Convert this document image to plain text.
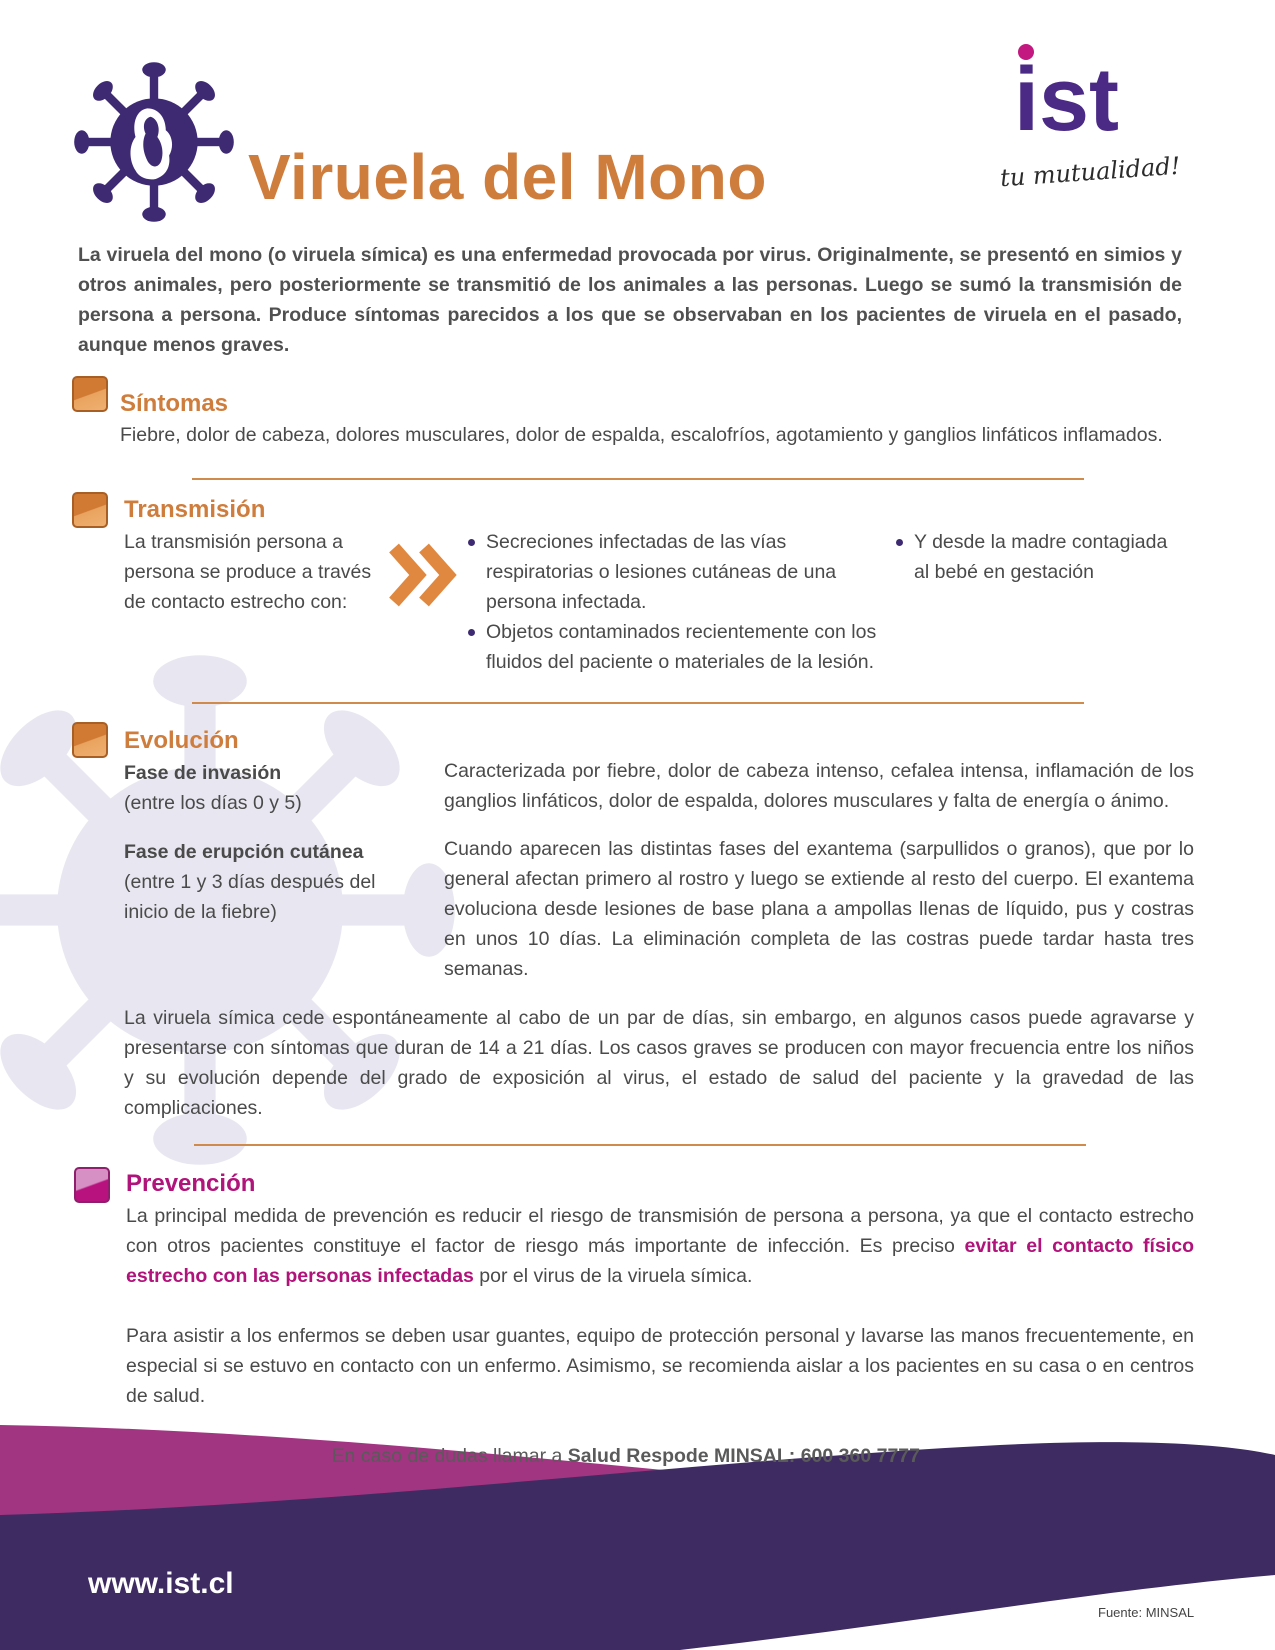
Viruela del Mono
ist
tu mutualidad!
La viruela del mono (o viruela símica) es una enfermedad provocada por virus. Originalmente, se presentó en simios y otros animales, pero posteriormente se transmitió de los animales a las personas. Luego se sumó la transmisión de persona a persona. Produce síntomas parecidos a los que se observaban en los pacientes de viruela en el pasado, aunque menos graves.
Síntomas
Fiebre, dolor de cabeza, dolores musculares, dolor de espalda, escalofríos, agotamiento y ganglios linfáticos inflamados.
Transmisión
La transmisión persona a persona se produce a través de contacto estrecho con:
Secreciones infectadas de las vías respiratorias o lesiones cutáneas de una persona infectada.
Objetos contaminados recientemente con los fluidos del paciente o materiales de la lesión.
Y desde la madre contagiada al bebé en gestación
Evolución
Fase de invasión
(entre los días 0 y 5)
Caracterizada por fiebre, dolor de cabeza intenso, cefalea intensa, inflamación de los ganglios linfáticos, dolor de espalda, dolores musculares y falta de energía o ánimo.
Fase de erupción cutánea
(entre 1 y 3 días después del inicio de la fiebre)
Cuando aparecen las distintas fases del exantema (sarpullidos o granos), que por lo general afectan primero al rostro y luego se extiende al resto del cuerpo. El exantema evoluciona desde lesiones de base plana a ampollas llenas de líquido, pus y costras en unos 10 días. La eliminación completa de las costras puede tardar hasta tres semanas.
La viruela símica cede espontáneamente al cabo de un par de días, sin embargo, en algunos casos puede agravarse y presentarse con síntomas que duran de 14 a 21 días. Los casos graves se producen con mayor frecuencia entre los niños y su evolución depende del grado de exposición al virus, el estado de salud del paciente y la gravedad de las complicaciones.
Prevención
La principal medida de prevención es reducir el riesgo de transmisión de persona a persona, ya que el contacto estrecho con otros pacientes constituye el factor de riesgo más importante de infección. Es preciso evitar el contacto físico estrecho con las personas infectadas por el virus de la viruela símica.
Para asistir a los enfermos se deben usar guantes, equipo de protección personal y lavarse las manos frecuentemente, en especial si se estuvo en contacto con un enfermo. Asimismo, se recomienda aislar a los pacientes en su casa o en centros de salud.
En caso de dudas llamar a Salud Respode MINSAL: 600 360 7777
www.ist.cl
Fuente: MINSAL
